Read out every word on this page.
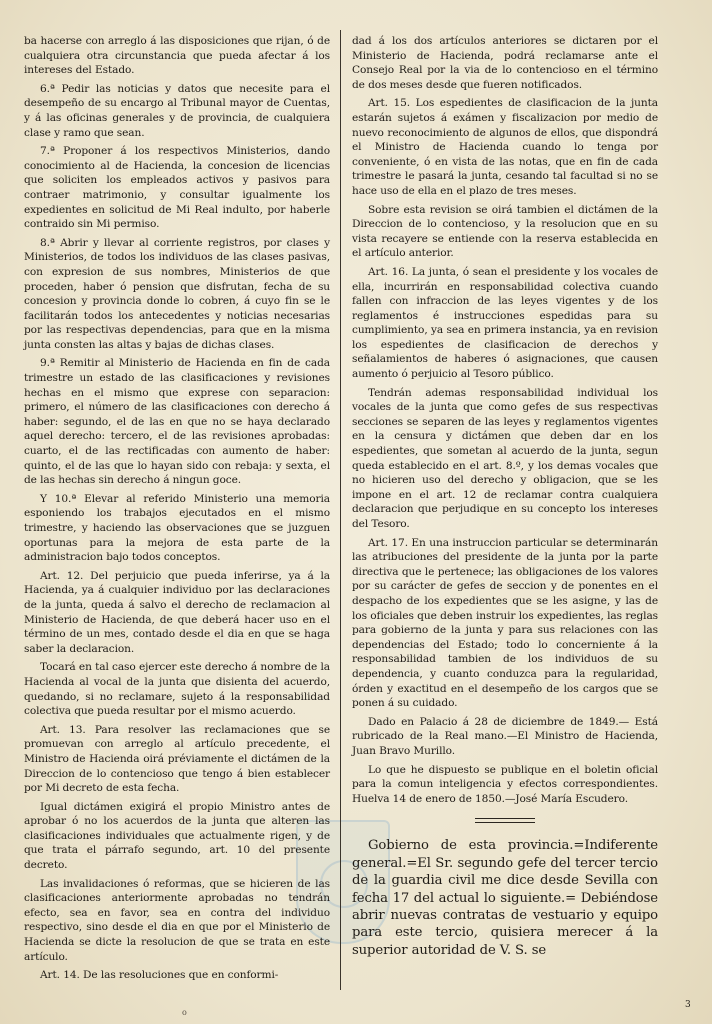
ba hacerse con arreglo á las disposiciones que rijan, ó de cualquiera otra circunstancia que pueda afectar á los intereses del Estado.

6.ª Pedir las noticias y datos que necesite para el desempeño de su encargo al Tribunal mayor de Cuentas, y á las oficinas generales y de provincia, de cualquiera clase y ramo que sean.

7.ª Proponer á los respectivos Ministerios, dando conocimiento al de Hacienda, la concesion de licencias que soliciten los empleados activos y pasivos para contraer matrimonio, y consultar igualmente los expedientes en solicitud de Mi Real indulto, por haberle contraido sin Mi permiso.

8.ª Abrir y llevar al corriente registros, por clases y Ministerios, de todos los individuos de las clases pasivas, con expresion de sus nombres, Ministerios de que proceden, haber ó pension que disfrutan, fecha de su concesion y provincia donde lo cobren, á cuyo fin se le facilitarán todos los antecedentes y noticias necesarias por las respectivas dependencias, para que en la misma junta consten las altas y bajas de dichas clases.

9.ª Remitir al Ministerio de Hacienda en fin de cada trimestre un estado de las clasificaciones y revisiones hechas en el mismo que exprese con separacion: primero, el número de las clasificaciones con derecho á haber: segundo, el de las en que no se haya declarado aquel derecho: tercero, el de las revisiones aprobadas: cuarto, el de las rectificadas con aumento de haber: quinto, el de las que lo hayan sido con rebaja: y sexta, el de las hechas sin derecho á ningun goce.

Y 10.ª Elevar al referido Ministerio una memoria esponiendo los trabajos ejecutados en el mismo trimestre, y haciendo las observaciones que se juzguen oportunas para la mejora de esta parte de la administracion bajo todos conceptos.

Art. 12. Del perjuicio que pueda inferirse, ya á la Hacienda, ya á cualquier individuo por las declaraciones de la junta, queda á salvo el derecho de reclamacion al Ministerio de Hacienda, de que deberá hacer uso en el término de un mes, contado desde el dia en que se haga saber la declaracion.

Tocará en tal caso ejercer este derecho á nombre de la Hacienda al vocal de la junta que disienta del acuerdo, quedando, si no reclamare, sujeto á la responsabilidad colectiva que pueda resultar por el mismo acuerdo.

Art. 13. Para resolver las reclamaciones que se promuevan con arreglo al artículo precedente, el Ministro de Hacienda oirá préviamente el dictámen de la Direccion de lo contencioso que tengo á bien establecer por Mi decreto de esta fecha.

Igual dictámen exigirá el propio Ministro antes de aprobar ó no los acuerdos de la junta que alteren las clasificaciones individuales que actualmente rigen, y de que trata el párrafo segundo, art. 10 del presente decreto.

Las invalidaciones ó reformas, que se hicieren de las clasificaciones anteriormente aprobadas no tendrán efecto, sea en favor, sea en contra del individuo respectivo, sino desde el dia en que por el Ministerio de Hacienda se dicte la resolucion de que se trata en este artículo.

Art. 14. De las resoluciones que en conformi-

dad á los dos artículos anteriores se dictaren por el Ministerio de Hacienda, podrá reclamarse ante el Consejo Real por la via de lo contencioso en el término de dos meses desde que fueren notificados.

Art. 15. Los espedientes de clasificacion de la junta estarán sujetos á exámen y fiscalizacion por medio de nuevo reconocimiento de algunos de ellos, que dispondrá el Ministro de Hacienda cuando lo tenga por conveniente, ó en vista de las notas, que en fin de cada trimestre le pasará la junta, cesando tal facultad si no se hace uso de ella en el plazo de tres meses.

Sobre esta revision se oirá tambien el dictámen de la Direccion de lo contencioso, y la resolucion que en su vista recayere se entiende con la reserva establecida en el artículo anterior.

Art. 16. La junta, ó sean el presidente y los vocales de ella, incurrirán en responsabilidad colectiva cuando fallen con infraccion de las leyes vigentes y de los reglamentos é instrucciones espedidas para su cumplimiento, ya sea en primera instancia, ya en revision los espedientes de clasificacion de derechos y señalamientos de haberes ó asignaciones, que causen aumento ó perjuicio al Tesoro público.

Tendrán ademas responsabilidad individual los vocales de la junta que como gefes de sus respectivas secciones se separen de las leyes y reglamentos vigentes en la censura y dictámen que deben dar en los espedientes, que sometan al acuerdo de la junta, segun queda establecido en el art. 8.º, y los demas vocales que no hicieren uso del derecho y obligacion, que se les impone en el art. 12 de reclamar contra cualquiera declaracion que perjudique en su concepto los intereses del Tesoro.

Art. 17. En una instruccion particular se determinarán las atribuciones del presidente de la junta por la parte directiva que le pertenece; las obligaciones de los valores por su carácter de gefes de seccion y de ponentes en el despacho de los expedientes que se les asigne, y las de los oficiales que deben instruir los expedientes, las reglas para gobierno de la junta y para sus relaciones con las dependencias del Estado; todo lo concerniente á la responsabilidad tambien de los individuos de su dependencia, y cuanto conduzca para la regularidad, órden y exactitud en el desempeño de los cargos que se ponen á su cuidado.

Dado en Palacio á 28 de diciembre de 1849.— Está rubricado de la Real mano.—El Ministro de Hacienda, Juan Bravo Murillo.

Lo que he dispuesto se publique en el boletin oficial para la comun inteligencia y efectos correspondientes. Huelva 14 de enero de 1850.—José María Escudero.

Gobierno de esta provincia.=Indiferente general.=El Sr. segundo gefe del tercer tercio de la guardia civil me dice desde Sevilla con fecha 17 del actual lo siguiente.= Debiéndose abrir nuevas contratas de vestuario y equipo para este tercio, quisiera merecer á la superior autoridad de V. S. se

3
o
